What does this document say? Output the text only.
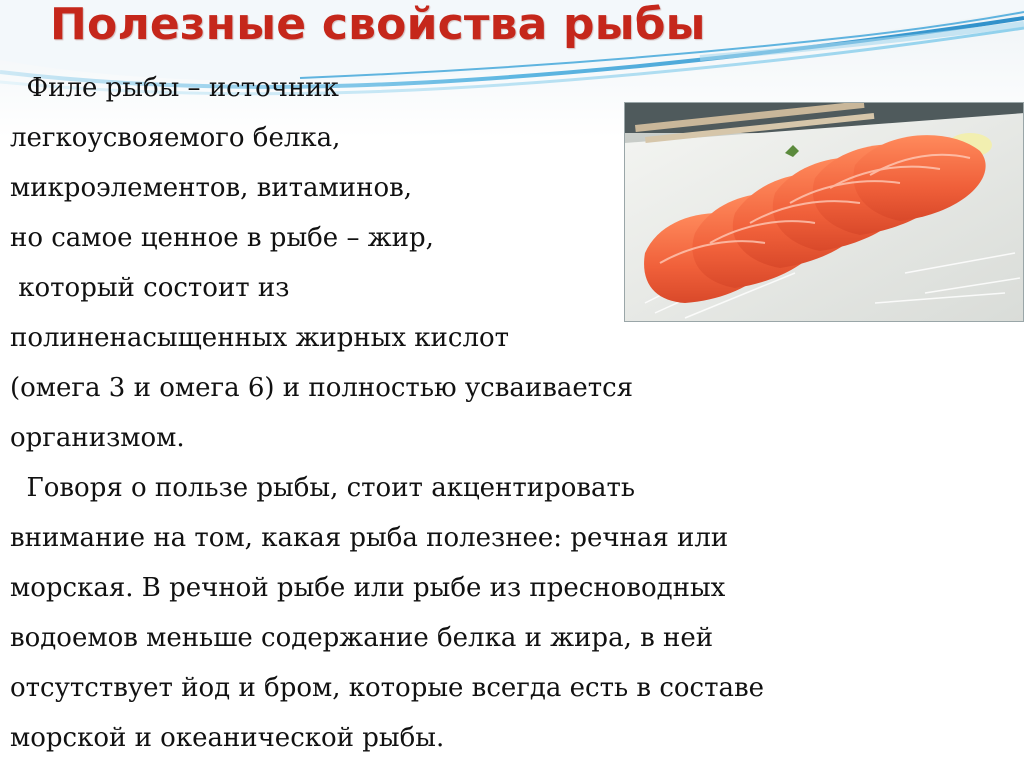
Полезные свойства рыбы
Филе рыбы – источник
легкоусвояемого белка,
микроэлементов, витаминов,
но самое ценное в рыбе – жир,
который состоит из
полиненасыщенных жирных кислот
(омега 3 и омега 6) и полностью усваивается
организмом.
Говоря о пользе рыбы, стоит акцентировать
внимание на том, какая рыба полезнее: речная или
морская. В речной рыбе или рыбе из пресноводных
водоемов меньше содержание белка и жира, в ней
отсутствует йод и бром, которые всегда есть в составе
морской и океанической рыбы.
